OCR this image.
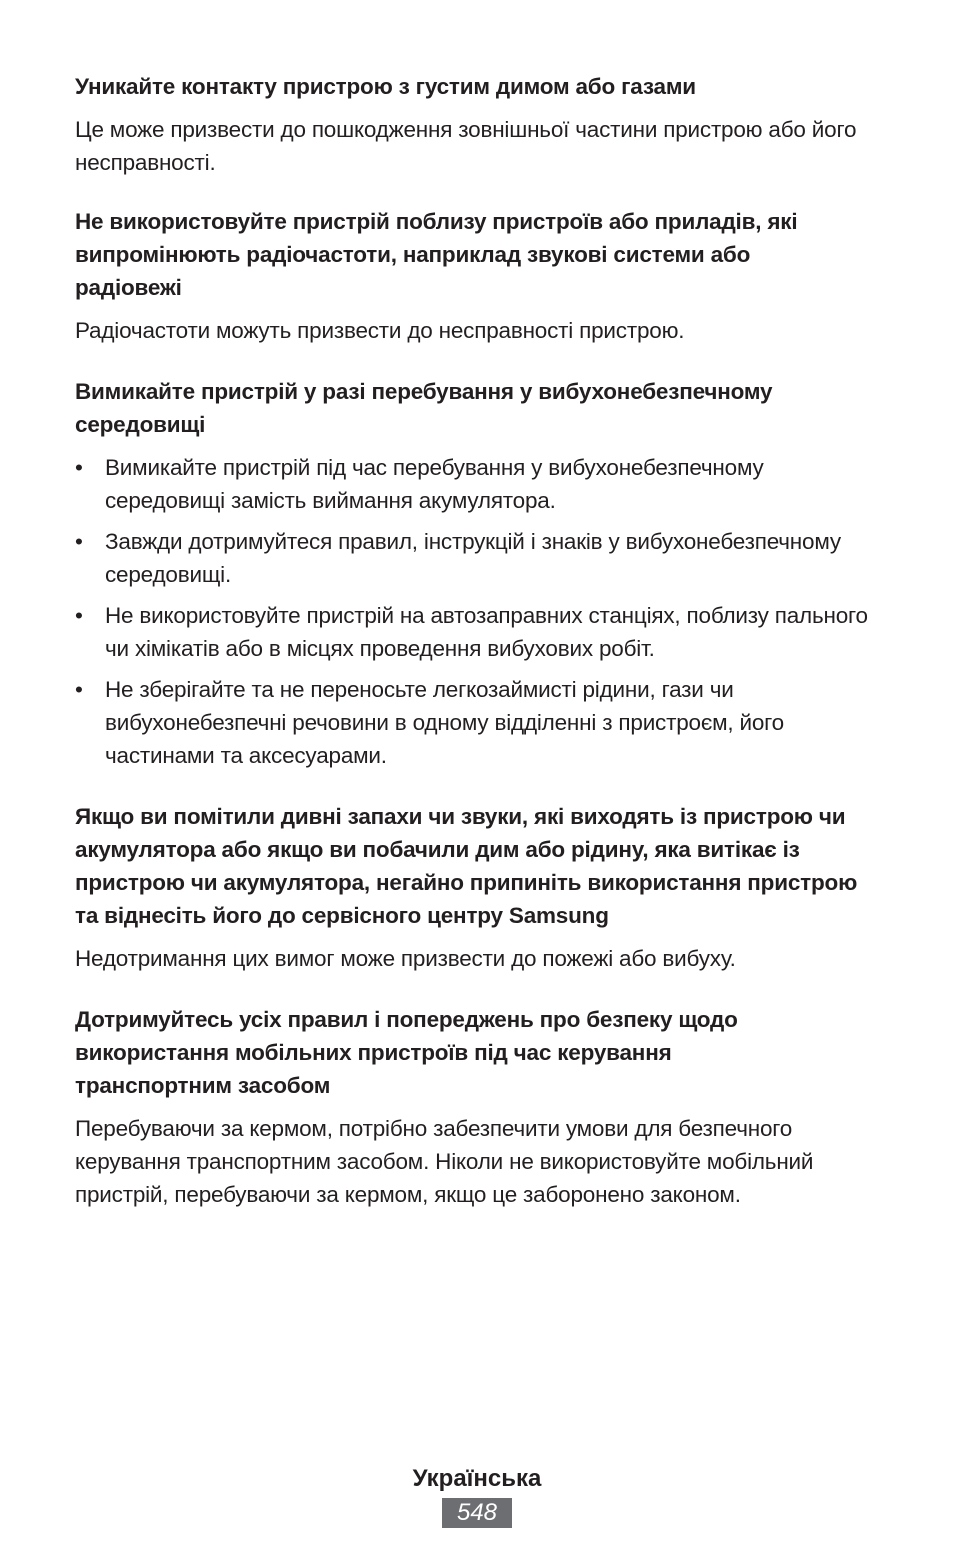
Уникайте контакту пристрою з густим димом або газами

Це може призвести до пошкодження зовнішньої частини пристрою або його несправності.

Не використовуйте пристрій поблизу пристроїв або приладів, які випромінюють радіочастоти, наприклад звукові системи або радіовежі

Радіочастоти можуть призвести до несправності пристрою.

Вимикайте пристрій у разі перебування у вибухонебезпечному середовищі

• Вимикайте пристрій під час перебування у вибухонебезпечному середовищі замість виймання акумулятора.
• Завжди дотримуйтеся правил, інструкцій і знаків у вибухонебезпечному середовищі.
• Не використовуйте пристрій на автозаправних станціях, поблизу пального чи хімікатів або в місцях проведення вибухових робіт.
• Не зберігайте та не переносьте легкозаймисті рідини, гази чи вибухонебезпечні речовини в одному відділенні з пристроєм, його частинами та аксесуарами.

Якщо ви помітили дивні запахи чи звуки, які виходять із пристрою чи акумулятора або якщо ви побачили дим або рідину, яка витікає із пристрою чи акумулятора, негайно припиніть використання пристрою та віднесіть його до сервісного центру Samsung

Недотримання цих вимог може призвести до пожежі або вибуху.

Дотримуйтесь усіх правил і попереджень про безпеку щодо використання мобільних пристроїв під час керування транспортним засобом

Перебуваючи за кермом, потрібно забезпечити умови для безпечного керування транспортним засобом. Ніколи не використовуйте мобільний пристрій, перебуваючи за кермом, якщо це заборонено законом.

Українська
548
